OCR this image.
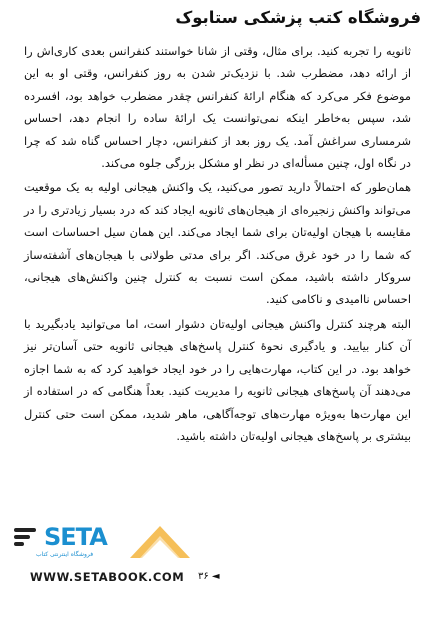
فروشگاه کتب پزشکی ستابوک

ثانویه را تجربه کنید. برای مثال، وقتی از شانا خواستند کنفرانس بعدی کاری‌اش را از ارائه دهد، مضطرب شد. با نزدیک‌تر شدن به روز کنفرانس، وقتی او به این موضوع فکر می‌کرد که هنگام ارائهٔ کنفرانس چقدر مضطرب خواهد بود، افسرده شد، سپس به‌خاطر اینکه نمی‌توانست یک ارائهٔ ساده را انجام دهد، احساس شرمساری سراغش آمد. یک روز بعد از کنفرانس، دچار احساس گناه شد که چرا در نگاه اول، چنین مسأله‌ای در نظر او مشکل بزرگی جلوه می‌کند.

همان‌طور که احتمالاً دارید تصور می‌کنید، یک واکنش هیجانی اولیه به یک موقعیت می‌تواند واکنش زنجیره‌ای از هیجان‌های ثانویه ایجاد کند که درد بسیار زیادتری را در مقایسه با هیجان اولیه‌تان برای شما ایجاد می‌کند. این همان سیل احساسات است که شما را در خود غرق می‌کند. اگر برای مدتی طولانی با هیجان‌های آشفته‌ساز سروکار داشته باشید، ممکن است نسبت به کنترل چنین واکنش‌های هیجانی، احساس ناامیدی و ناکامی کنید.

البته هرچند کنترل واکنش هیجانی اولیه‌تان دشوار است، اما می‌توانید یادبگیرید با آن کنار بیایید. و یادگیری نحوهٔ کنترل پاسخ‌های هیجانی ثانویه حتی آسان‌تر نیز خواهد بود. در این کتاب، مهارت‌هایی را در خود ایجاد خواهید کرد که به شما اجازه می‌دهند آن پاسخ‌های هیجانی ثانویه را مدیریت کنید. بعداً هنگامی که در استفاده از این مهارت‌ها به‌ویژه مهارت‌های توجه‌آگاهی، ماهر شدید، ممکن است حتی کنترل بیشتری بر پاسخ‌های هیجانی اولیه‌تان داشته باشید.

SETA
فروشگاه اینترنتی کتاب
WWW.SETABOOK.COM ۳۶ ◄
